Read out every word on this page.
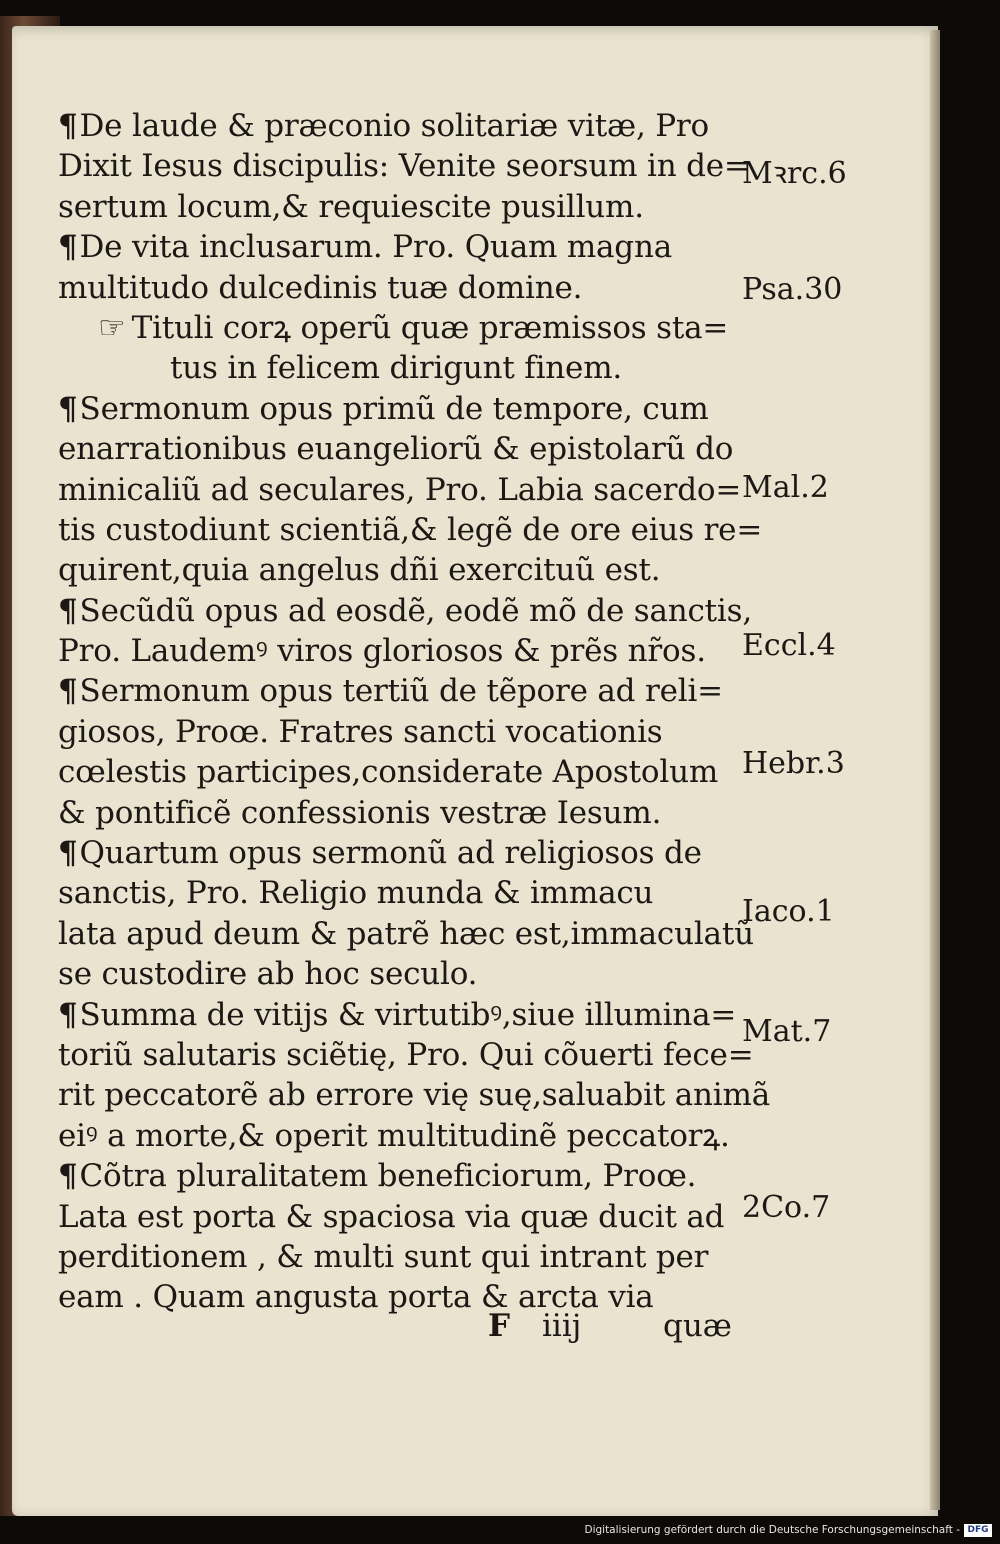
¶De laude & præconio solitariæ vitæ, Pro
Dixit Iesus discipulis: Venite seorsum in de=
sertum locum,& requiescite pusillum.
¶De vita inclusarum. Pro. Quam magna
multitudo dulcedinis tuæ domine.
☞ Tituli corꝝ operũ quæ præmissos sta=
tus in felicem dirigunt finem.
¶Sermonum opus primũ de tempore, cum
enarrationibus euangeliorũ & epistolarũ do
minicaliũ ad seculares, Pro. Labia sacerdo=
tis custodiunt scientiã,& legẽ de ore eius re=
quirent,quia angelus dñi exercituũ est.
¶Secũdũ opus ad eosdẽ, eodẽ mõ de sanctis,
Pro. Laudemꝰ viros gloriosos & prẽs nr̃os.
¶Sermonum opus tertiũ de tẽpore ad reli=
giosos, Proœ. Fratres sancti vocationis
cœlestis participes,considerate Apostolum
& pontificẽ confessionis vestræ Iesum.
¶Quartum opus sermonũ ad religiosos de
sanctis, Pro. Religio munda & immacu
lata apud deum & patrẽ hæc est,immaculatũ
se custodire ab hoc seculo.
¶Summa de vitijs & virtutibꝰ,siue illumina=
toriũ salutaris sciẽtię, Pro. Qui cõuerti fece=
rit peccatorẽ ab errore vię suę,saluabit animã
eiꝰ a morte,& operit multitudinẽ peccatorꝝ.
¶Cõtra pluralitatem beneficiorum, Proœ.
Lata est porta & spaciosa via quæ ducit ad
perditionem , & multi sunt qui intrant per
eam . Quam angusta porta & arcta via
Mꝛrc.6
Psa.30
Mal.2
Eccl.4
Hebr.3
Iaco.1
Mat.7
2Co.7
F iiij	quæ
Digitalisierung gefördert durch die Deutsche Forschungsgemeinschaft - DFG
